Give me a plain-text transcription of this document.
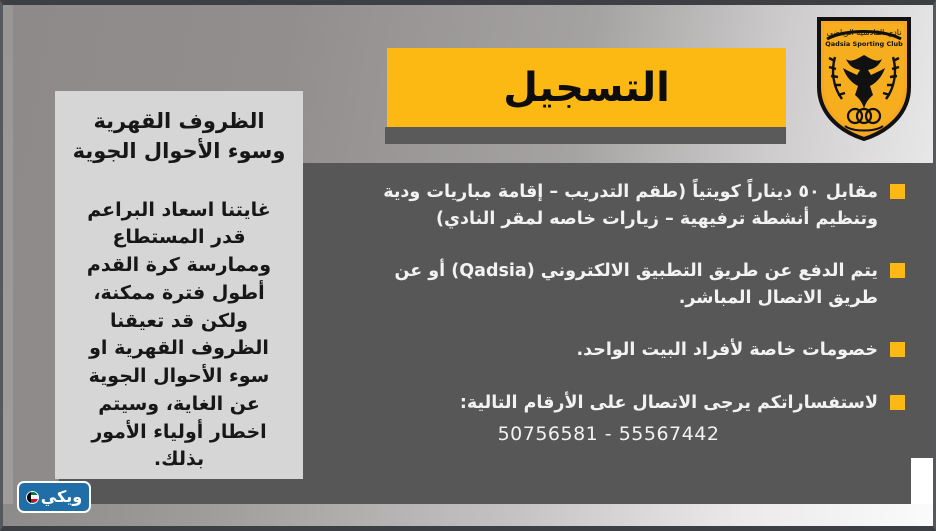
التسجيل
نادي القادسية الرياضي
Qadsia Sporting Club

الظروف القهرية وسوء الأحوال الجوية

غايتنا اسعاد البراعم قدر المستطاع وممارسة كرة القدم أطول فترة ممكنة، ولكن قد تعيقنا الظروف القهرية او سوء الأحوال الجوية عن الغاية، وسيتم اخطار أولياء الأمور بذلك.

مقابل ٥٠ ديناراً كويتياً (طقم التدريب – إقامة مباريات ودية وتنظيم أنشطة ترفيهية – زيارات خاصه لمقر النادي)
يتم الدفع عن طريق التطبيق الالكتروني (Qadsia) أو عن طريق الاتصال المباشر.
خصومات خاصة لأفراد البيت الواحد.
لاستفساراتكم يرجى الاتصال على الأرقام التالية:
50756581 - 55567442
ويكي
